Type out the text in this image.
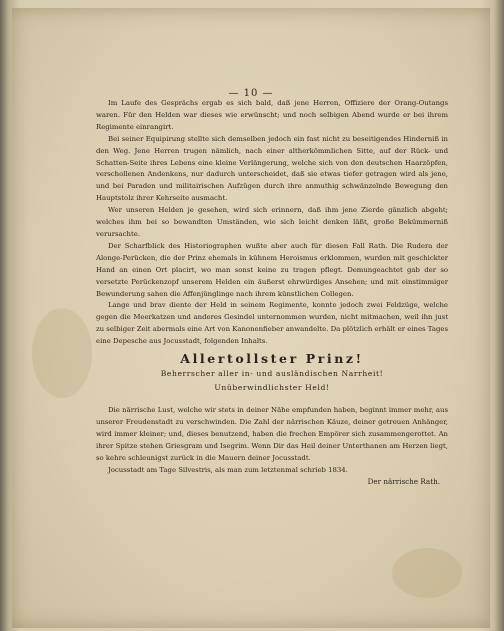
— 10 —

Im Laufe des Gesprächs ergab es sich bald, daß jene Herren, Offiziere der Orang-Outangs waren. Für den Helden war dieses wie erwünscht; und noch selbigen Abend wurde er bei ihrem Regimente einrangirt.

Bei seiner Equipirung stellte sich demselben jedoch ein fast nicht zu beseitigendes Hinderniß in den Weg. Jene Herren trugen nämlich, nach einer altherkömmlichen Sitte, auf der Rück- und Schatten-Seite ihres Lebens eine kleine Verlängerung, welche sich von den deutschen Haarzöpfen, verschollenen Andenkens, nur dadurch unterscheidet, daß sie etwas tiefer getragen wird als jene, und bei Paraden und militairischen Aufzügen durch ihre anmuthig schwänzelnde Bewegung den Hauptstolz ihrer Kehrseite ausmacht.

Wer unseren Helden je gesehen, wird sich erinnern, daß ihm jene Zierde gänzlich abgeht; welches ihm bei so bewandten Umständen, wie sich leicht denken läßt, große Bekümmerniß verursachte.

Der Scharfblick des Historiographen wußte aber auch für diesen Fall Rath. Die Rudera der Alonge-Perücken, die der Prinz ehemals in kühnem Heroismus erklommen, wurden mit geschickter Hand an einen Ort placirt, wo man sonst keine zu tragen pflegt. Demungeachtet gab der so versetzte Perückenzopf unserem Helden ein äußerst ehrwürdiges Ansehen; und mit einstimmiger Bewunderung sahen die Affenjünglinge nach ihrem künstlichen Collegen.

Lange und brav diente der Held in seinem Regimente, konnte jedoch zwei Feldzüge, welche gegen die Meerkatzen und anderes Gesindel unternommen wurden, nicht mitmachen, weil ihn just zu selbiger Zeit abermals eine Art von Kanonenfieber anwandelte. Da plötzlich erhält er eines Tages eine Depesche aus Jocusstadt, folgenden Inhalts.

Allertollster Prinz!
Beherrscher aller in- und ausländischen Narrheit!
Unüberwindlichster Held!

Die närrische Lust, welche wir stets in deiner Nähe empfunden haben, beginnt immer mehr, aus unserer Freudenstadt zu verschwinden. Die Zahl der närrischen Käuze, deiner getreuen Anhänger, wird immer kleiner; und, dieses benutzend, haben die frechen Empörer sich zusammengerottet. An ihrer Spitze stehen Griesgram und Isegrim. Wenn Dir das Heil deiner Unterthanen am Herzen liegt, so kehre schleunigst zurück in die Mauern deiner Jocusstadt.

Jocusstadt am Tage Silvestris, als man zum letztenmal schrieb 1834.

Der närrische Rath.
